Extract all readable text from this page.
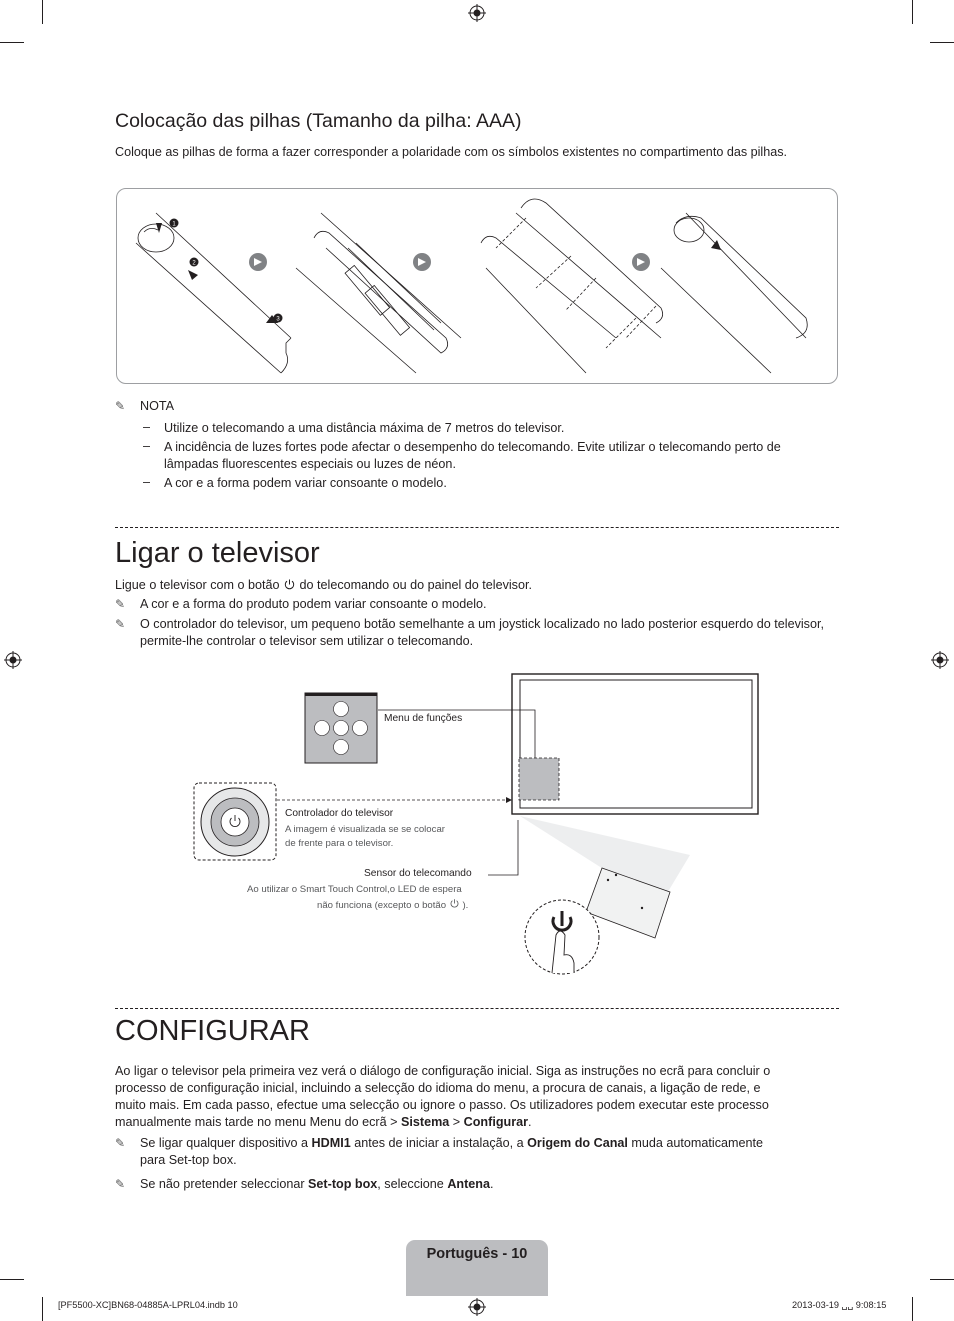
Colocação das pilhas (Tamanho da pilha: AAA)

Coloque as pilhas de forma a fazer corresponder a polaridade com os símbolos existentes no compartimento das pilhas.

1
2
3
✎ NOTA
– Utilize o telecomando a uma distância máxima de 7 metros do televisor.
– A incidência de luzes fortes pode afectar o desempenho do telecomando. Evite utilizar o telecomando perto de lâmpadas fluorescentes especiais ou luzes de néon.
– A cor e a forma podem variar consoante o modelo.
Ligar o televisor
Ligue o televisor com o botão do telecomando ou do painel do televisor.
✎ A cor e a forma do produto podem variar consoante o modelo.
✎ O controlador do televisor, um pequeno botão semelhante a um joystick localizado no lado posterior esquerdo do televisor, permite-lhe controlar o televisor sem utilizar o telecomando.
Menu de funções
Controlador do televisor
A imagem é visualizada se se colocar
de frente para o televisor.
Sensor do telecomando
Ao utilizar o Smart Touch Control,o LED de espera
não funciona (excepto o botão ).
CONFIGURAR

Ao ligar o televisor pela primeira vez verá o diálogo de configuração inicial. Siga as instruções no ecrã para concluir o

processo de configuração inicial, incluindo a selecção do idioma do menu, a procura de canais, a ligação de rede, e

muito mais. Em cada passo, efectue uma selecção ou ignore o passo. Os utilizadores podem executar este processo

manualmente mais tarde no menu Menu do ecrã > Sistema > Configurar.

✎ Se ligar qualquer dispositivo a HDMI1 antes de iniciar a instalação, a Origem do Canal muda automaticamente
para Set-top box.

✎ Se não pretender seleccionar Set-top box, seleccione Antena.

Português - 10
[PF5500-XC]BN68-04885A-LPRL04.indb 10	2013-03-19 ␣␣ 9:08:15
